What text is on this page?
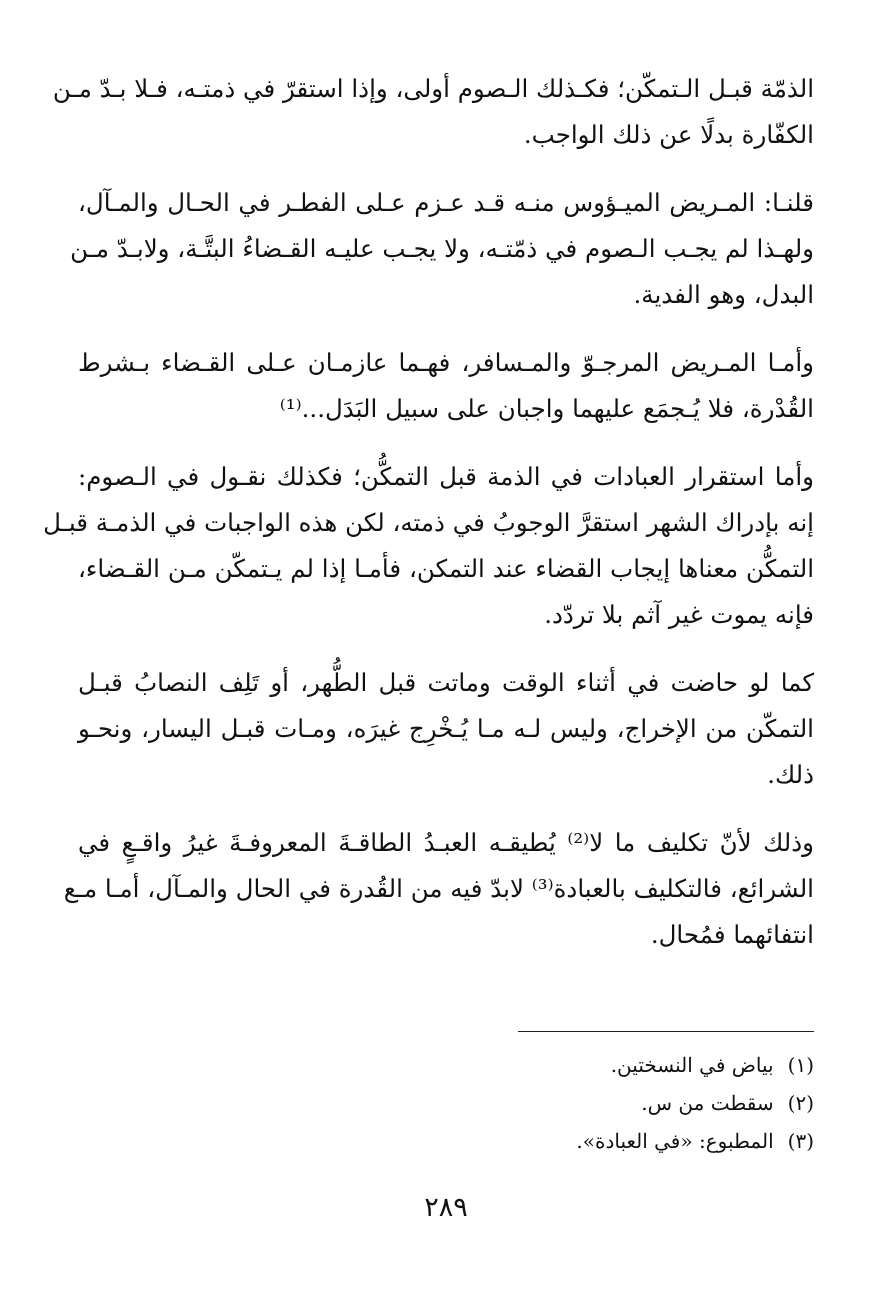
الذمّة قبـل الـتمكّن؛ فكـذلك الـصوم أولى، وإذا استقرّ في ذمتـه، فـلا بـدّ مـن
الكفّارة بدلًا عن ذلك الواجب.
قلنـا: المـريض الميـؤوس منـه قـد عـزم عـلى الفطـر في الحـال والمـآل،
ولهـذا لم يجـب الـصوم في ذمّتـه، ولا يجـب عليـه القـضاءُ البتَّـة، ولابـدّ مـن
البدل، وهو الفدية.
وأمـا المـريض المرجـوّ والمـسافر، فهـما عازمـان عـلى القـضاء بـشرط
القُدْرة، فلا يُـجمَع عليهما واجبان على سبيل البَدَل...⁽¹⁾
وأما استقرار العبادات في الذمة قبل التمكُّن؛ فكذلك نقـول في الـصوم:
إنه بإدراك الشهر استقرَّ الوجوبُ في ذمته، لكن هذه الواجبات في الذمـة قبـل
التمكُّن معناها إيجاب القضاء عند التمكن، فأمـا إذا لم يـتمكّن مـن القـضاء،
فإنه يموت غير آثم بلا تردّد.
كما لو حاضت في أثناء الوقت وماتت قبل الطُّهر، أو تَلِف النصابُ قبـل
التمكّن من الإخراج، وليس لـه مـا يُـخْرِج غيرَه، ومـات قبـل اليسار، ونحـو
ذلك.
وذلك لأنّ تكليف ما لا⁽²⁾ يُطيقـه العبـدُ الطاقـةَ المعروفـةَ غيرُ واقـعٍ في
الشرائع، فالتكليف بالعبادة⁽³⁾ لابدّ فيه من القُدرة في الحال والمـآل، أمـا مـع
انتفائهما فمُحال.
(١)بياض في النسختين.
(٢)سقطت من س.
(٣)المطبوع: «في العبادة».
٢٨٩
